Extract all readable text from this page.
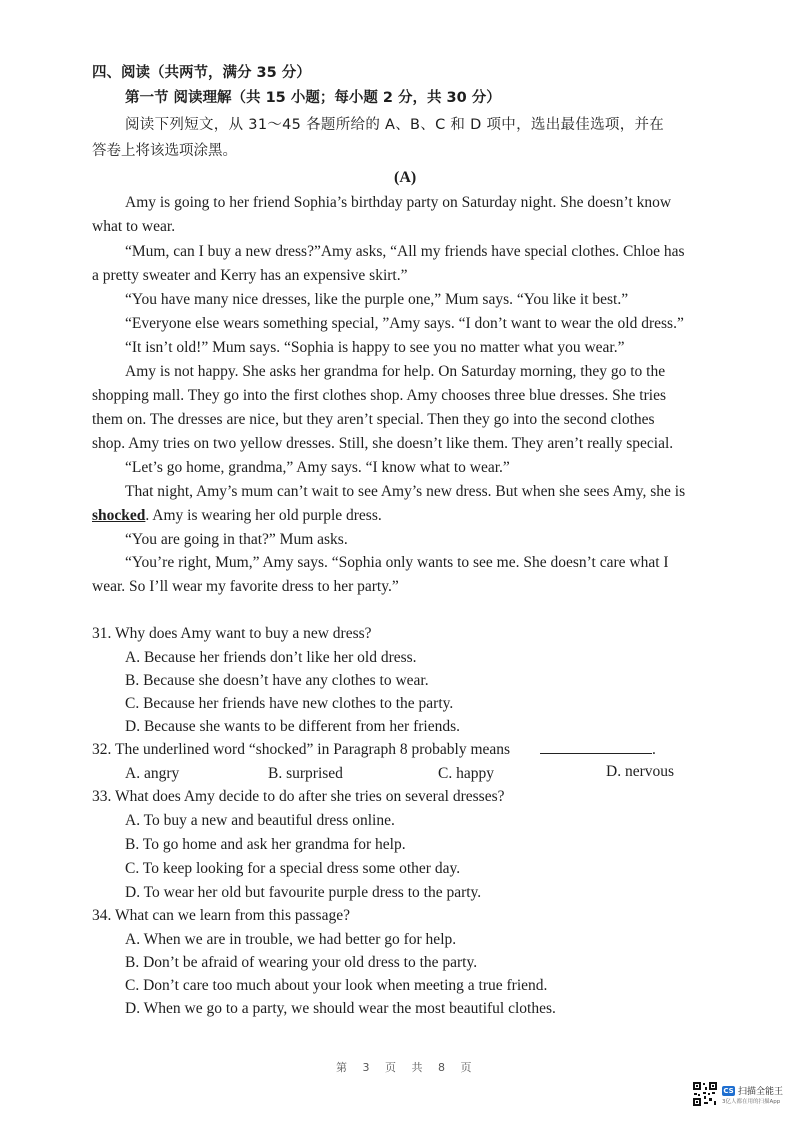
四、阅读（共两节，满分 35 分）
第一节 阅读理解（共 15 小题；每小题 2 分，共 30 分）
阅读下列短文，从 31～45 各题所给的 A、B、C 和 D 项中，选出最佳选项，并在
答卷上将该选项涂黑。
(A)
Amy is going to her friend Sophia’s birthday party on Saturday night. She doesn’t know
what to wear.
“Mum, can I buy a new dress?”Amy asks, “All my friends have special clothes. Chloe has
a pretty sweater and Kerry has an expensive skirt.”
“You have many nice dresses, like the purple one,” Mum says. “You like it best.”
“Everyone else wears something special, ”Amy says. “I don’t want to wear the old dress.”
“It isn’t old!” Mum says. “Sophia is happy to see you no matter what you wear.”
Amy is not happy. She asks her grandma for help. On Saturday morning, they go to the
shopping mall. They go into the first clothes shop. Amy chooses three blue dresses. She tries
them on. The dresses are nice, but they aren’t special. Then they go into the second clothes
shop. Amy tries on two yellow dresses. Still, she doesn’t like them. They aren’t really special.
“Let’s go home, grandma,” Amy says. “I know what to wear.”
That night, Amy’s mum can’t wait to see Amy’s new dress. But when she sees Amy, she is
shocked. Amy is wearing her old purple dress.
“You are going in that?” Mum asks.
“You’re right, Mum,” Amy says. “Sophia only wants to see me. She doesn’t care what I
wear. So I’ll wear my favorite dress to her party.”
31. Why does Amy want to buy a new dress?
A. Because her friends don’t like her old dress.
B. Because she doesn’t have any clothes to wear.
C. Because her friends have new clothes to the party.
D. Because she wants to be different from her friends.
32. The underlined word “shocked” in Paragraph 8 probably means	.
A. angry	B. surprised	C. happy	D. nervous
33. What does Amy decide to do after she tries on several dresses?
A. To buy a new and beautiful dress online.
B. To go home and ask her grandma for help.
C. To keep looking for a special dress some other day.
D. To wear her old but favourite purple dress to the party.
34. What can we learn from this passage?
A. When we are in trouble, we had better go for help.
B. Don’t be afraid of wearing your old dress to the party.
C. Don’t care too much about your look when meeting a true friend.
D. When we go to a party, we should wear the most beautiful clothes.
第 3 页 共 8 页
CS 扫描全能王
3亿人都在用的扫描App
